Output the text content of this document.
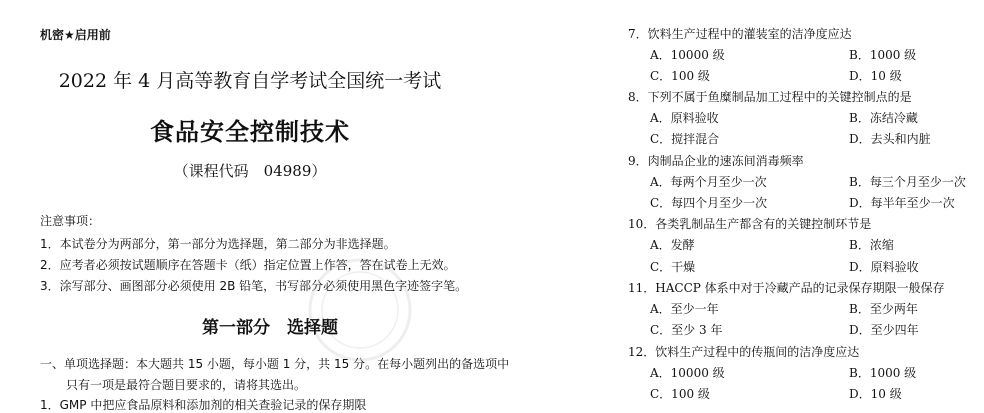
机密★启用前
2022 年 4 月高等教育自学考试全国统一考试
食品安全控制技术
（课程代码　04989）
注意事项：
1．本试卷分为两部分，第一部分为选择题，第二部分为非选择题。
2．应考者必须按试题顺序在答题卡（纸）指定位置上作答，答在试卷上无效。
3．涂写部分、画图部分必须使用 2B 铅笔，书写部分必须使用黑色字迹签字笔。
第一部分　选择题
一、单项选择题：本大题共 15 小题，每小题 1 分，共 15 分。在每小题列出的备选项中
只有一项是最符合题目要求的，请将其选出。
1．GMP 中把应食品原料和添加剂的相关查验记录的保存期限
7．饮料生产过程中的灌装室的洁净度应达
A．10000 级	B．1000 级
C．100 级	D．10 级
8．下列不属于鱼糜制品加工过程中的关键控制点的是
A．原料验收	B．冻结冷藏
C．搅拌混合	D．去头和内脏
9．肉制品企业的速冻间消毒频率
A．每两个月至少一次	B．每三个月至少一次
C．每四个月至少一次	D．每半年至少一次
10．各类乳制品生产都含有的关键控制环节是
A．发酵	B．浓缩
C．干燥	D．原料验收
11．HACCP 体系中对于冷藏产品的记录保存期限一般保存
A．至少一年	B．至少两年
C．至少 3 年	D．至少四年
12．饮料生产过程中的传瓶间的洁净度应达
A．10000 级	B．1000 级
C．100 级	D．10 级
